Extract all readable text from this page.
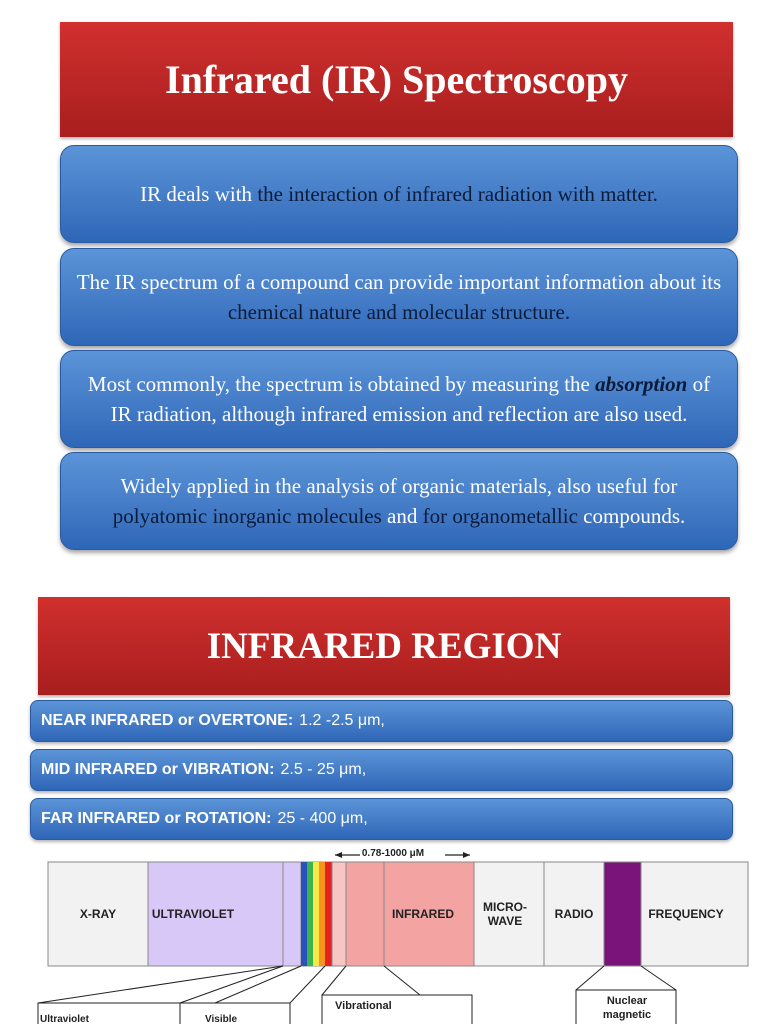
Infrared (IR) Spectroscopy
IR deals with the interaction of infrared radiation with matter.
The IR spectrum of a compound can provide important information about its chemical nature and molecular structure.
Most commonly, the spectrum is obtained by measuring the absorption of IR radiation, although infrared emission and reflection are also used.
Widely applied in the analysis of organic materials, also useful for polyatomic inorganic molecules and for organometallic compounds.
INFRARED REGION
NEAR INFRARED or OVERTONE: 1.2 -2.5 μm,
MID INFRARED or VIBRATION: 2.5 - 25 μm,
FAR INFRARED or ROTATION: 25 - 400 μm,
0.78-1000 μM
X-RAY	ULTRAVIOLET	INFRARED	MICRO-WAVE	RADIO	FREQUENCY
Ultraviolet	Visible
Vibrational	Nuclear magnetic
